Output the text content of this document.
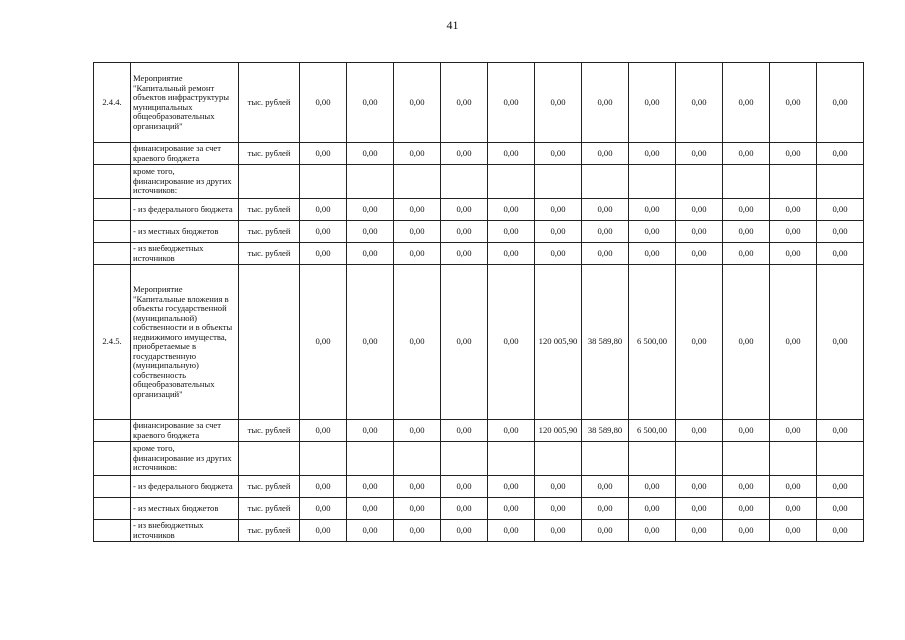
41
2.4.4.	Мероприятие "Капитальный ремонт объектов инфраструктуры муниципальных общеобразовательных организаций"	тыс. рублей	0,00	0,00	0,00	0,00	0,00	0,00	0,00	0,00	0,00	0,00	0,00	0,00
	финансирование за счет краевого бюджета	тыс. рублей	0,00	0,00	0,00	0,00	0,00	0,00	0,00	0,00	0,00	0,00	0,00	0,00
	кроме того, финансирование из других источников:													
	- из федерального бюджета	тыс. рублей	0,00	0,00	0,00	0,00	0,00	0,00	0,00	0,00	0,00	0,00	0,00	0,00
	- из местных бюджетов	тыс. рублей	0,00	0,00	0,00	0,00	0,00	0,00	0,00	0,00	0,00	0,00	0,00	0,00
	- из внебюджетных источников	тыс. рублей	0,00	0,00	0,00	0,00	0,00	0,00	0,00	0,00	0,00	0,00	0,00	0,00
2.4.5.	Мероприятие "Капитальные вложения в объекты государственной (муниципальной) собственности и в объекты недвижимого имущества, приобретаемые в государственную (муниципальную) собственность общеобразовательных организаций"		0,00	0,00	0,00	0,00	0,00	120 005,90	38 589,80	6 500,00	0,00	0,00	0,00	0,00
	финансирование за счет краевого бюджета	тыс. рублей	0,00	0,00	0,00	0,00	0,00	120 005,90	38 589,80	6 500,00	0,00	0,00	0,00	0,00
	кроме того, финансирование из других источников:													
	- из федерального бюджета	тыс. рублей	0,00	0,00	0,00	0,00	0,00	0,00	0,00	0,00	0,00	0,00	0,00	0,00
	- из местных бюджетов	тыс. рублей	0,00	0,00	0,00	0,00	0,00	0,00	0,00	0,00	0,00	0,00	0,00	0,00
	- из внебюджетных источников	тыс. рублей	0,00	0,00	0,00	0,00	0,00	0,00	0,00	0,00	0,00	0,00	0,00	0,00
